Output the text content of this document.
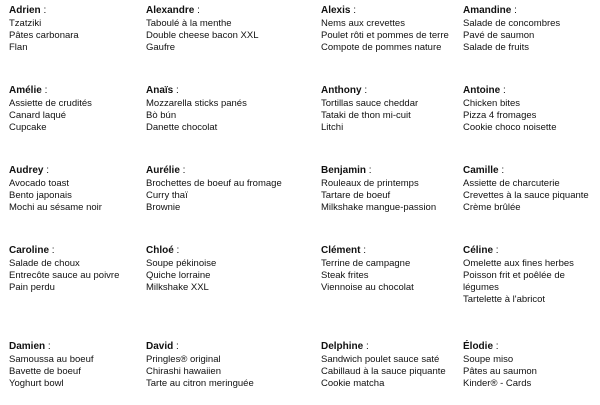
Adrien :
Tzatziki
Pâtes carbonara
Flan
Alexandre :
Taboulé à la menthe
Double cheese bacon XXL
Gaufre
Alexis :
Nems aux crevettes
Poulet rôti et pommes de terre
Compote de pommes nature
Amandine :
Salade de concombres
Pavé de saumon
Salade de fruits
Amélie :
Assiette de crudités
Canard laqué
Cupcake
Anaïs :
Mozzarella sticks panés
Bò bún
Danette chocolat
Anthony :
Tortillas sauce cheddar
Tataki de thon mi-cuit
Litchi
Antoine :
Chicken bites
Pizza 4 fromages
Cookie choco noisette
Audrey :
Avocado toast
Bento japonais
Mochi au sésame noir
Aurélie :
Brochettes de boeuf au fromage
Curry thaï
Brownie
Benjamin :
Rouleaux de printemps
Tartare de boeuf
Milkshake mangue-passion
Camille :
Assiette de charcuterie
Crevettes à la sauce piquante
Crème brûlée
Caroline :
Salade de choux
Entrecôte sauce au poivre
Pain perdu
Chloé :
Soupe pékinoise
Quiche lorraine
Milkshake XXL
Clément :
Terrine de campagne
Steak frites
Viennoise au chocolat
Céline :
Omelette aux fines herbes
Poisson frit et poêlée de légumes
Tartelette à l'abricot
Damien :
Samoussa au boeuf
Bavette de boeuf
Yoghurt bowl
David :
Pringles® original
Chirashi hawaiien
Tarte au citron meringuée
Delphine :
Sandwich poulet sauce saté
Cabillaud à la sauce piquante
Cookie matcha
Élodie :
Soupe miso
Pâtes au saumon
Kinder® - Cards
